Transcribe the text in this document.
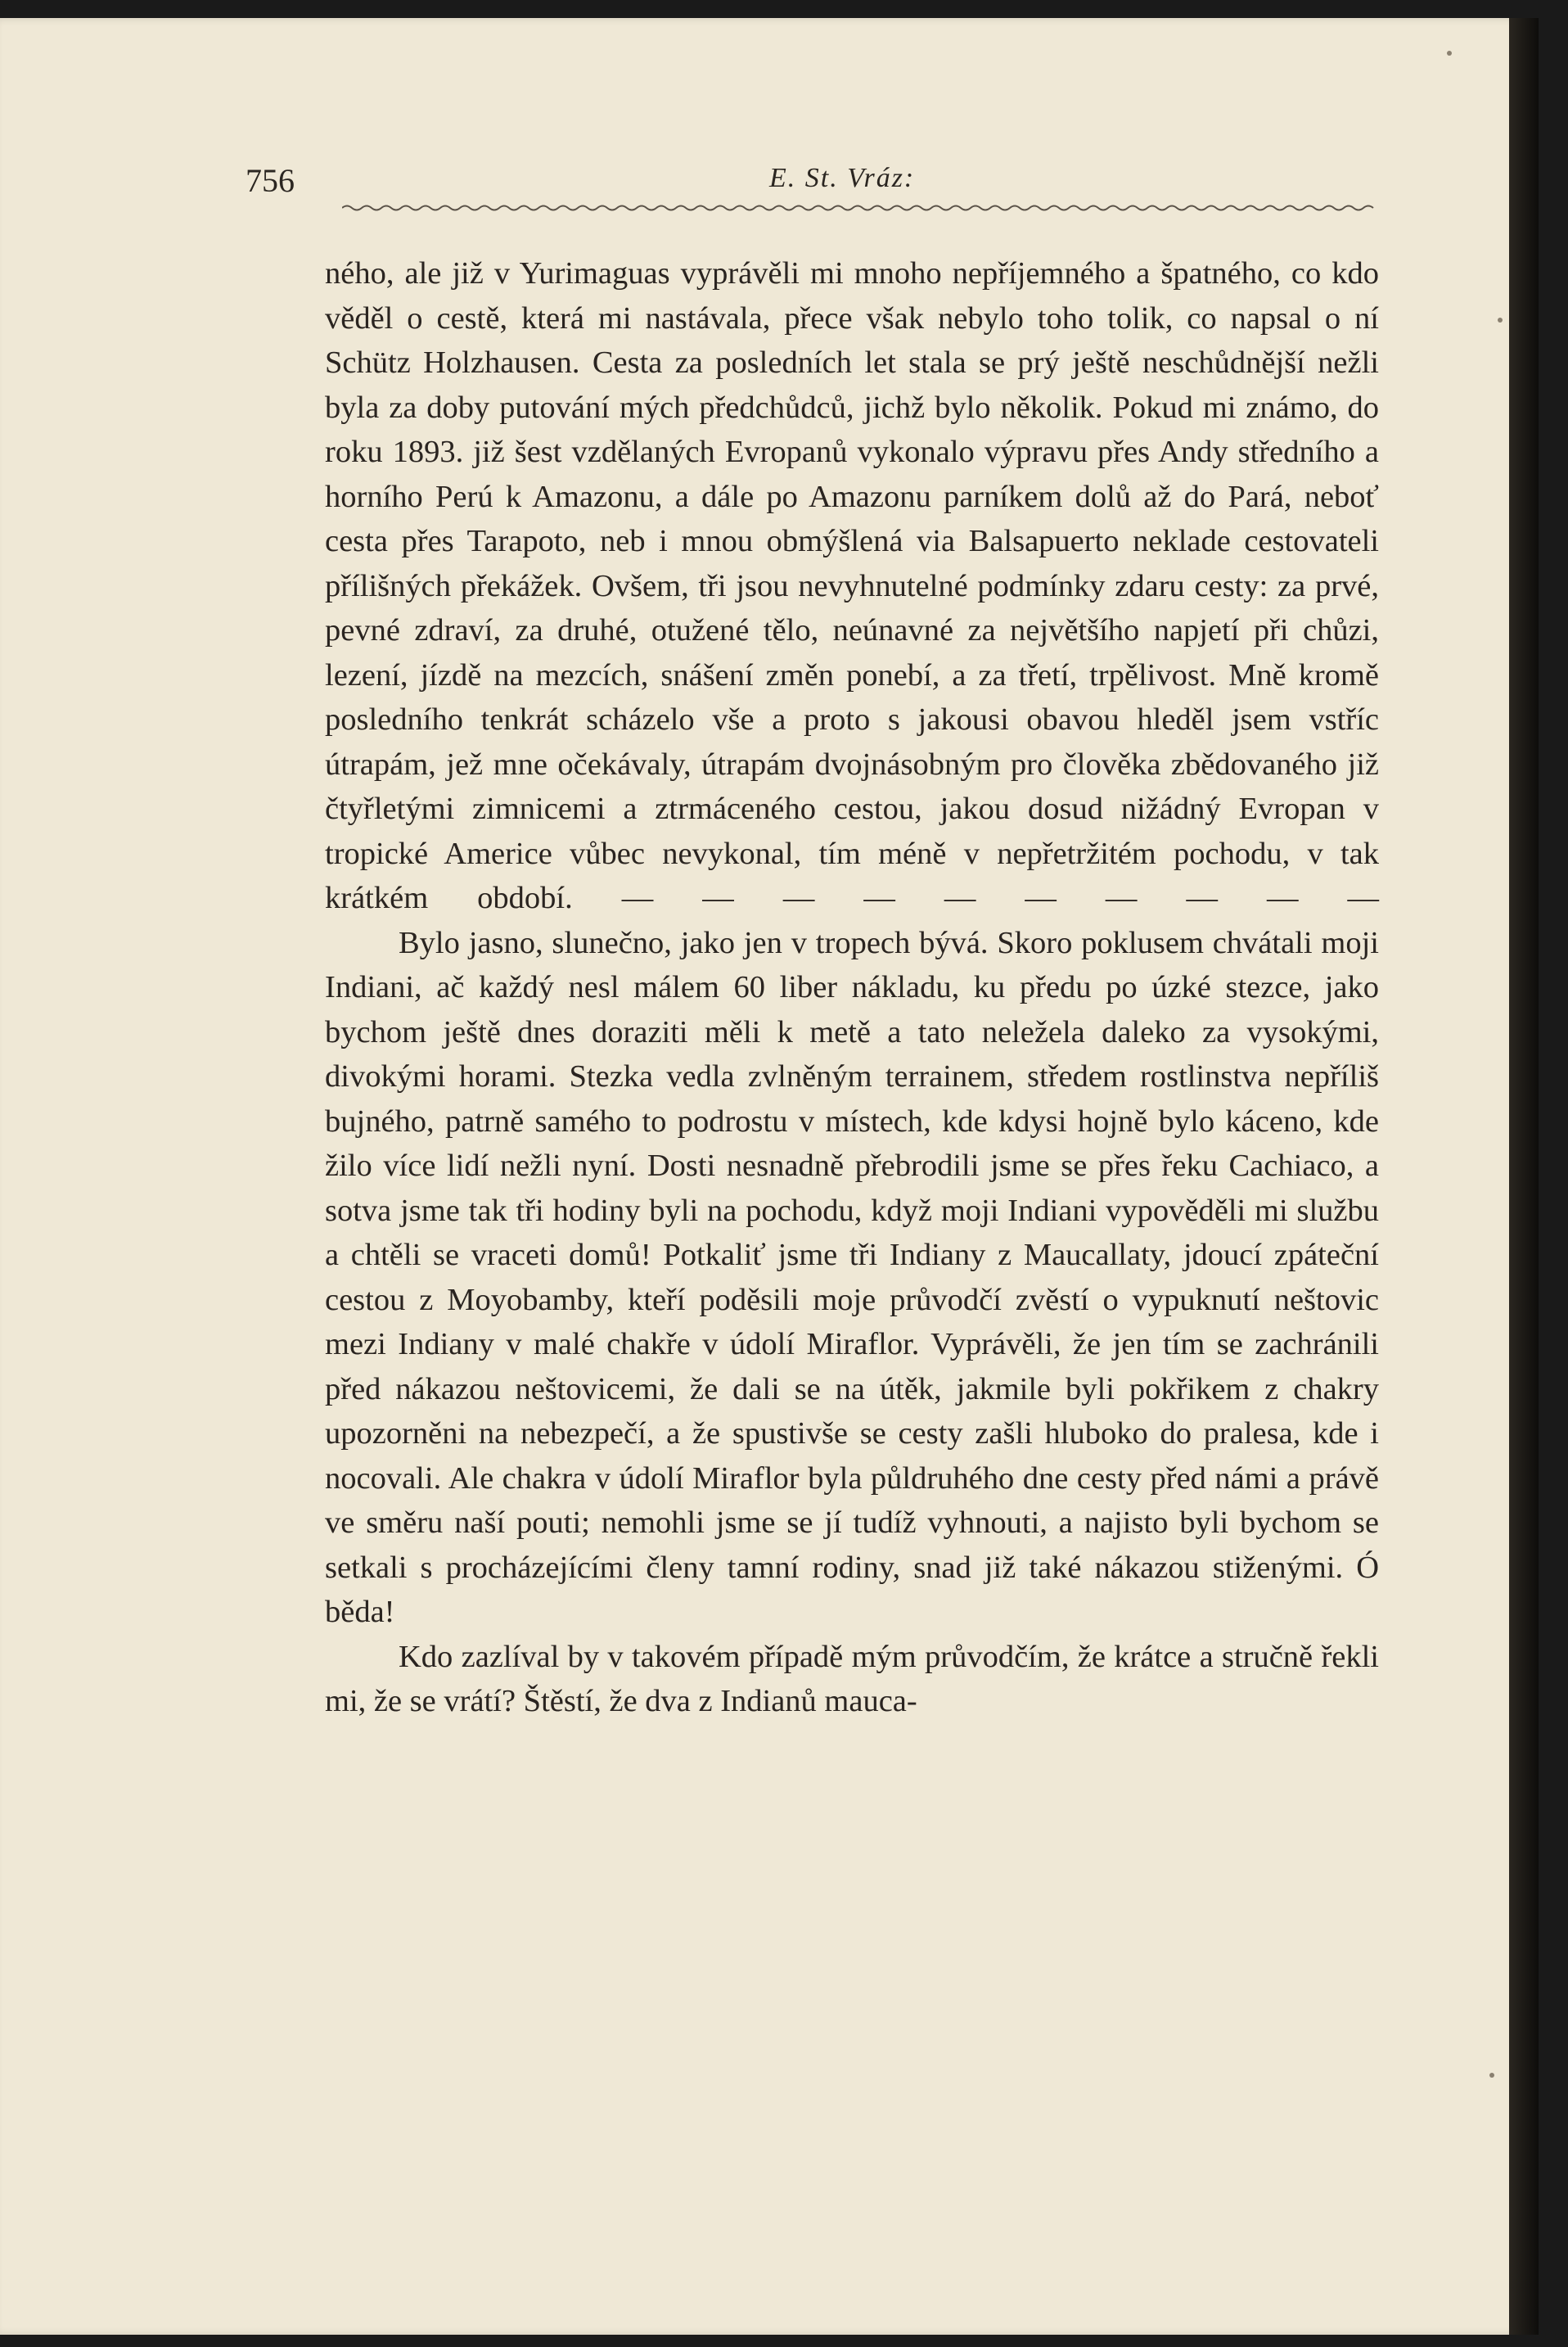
756	E. St. Vráz:

ného, ale již v Yurimaguas vyprávěli mi mnoho nepříjemného a špatného, co kdo věděl o cestě, která mi nastávala, přece však nebylo toho tolik, co napsal o ní Schütz Holzhausen. Cesta za posledních let stala se prý ještě neschůdnější nežli byla za doby putování mých předchůdců, jichž bylo několik. Pokud mi známo, do roku 1893. již šest vzdělaných Evropanů vykonalo výpravu přes Andy středního a horního Perú k Amazonu, a dále po Amazonu parníkem dolů až do Pará, neboť cesta přes Tarapoto, neb i mnou obmýšlená via Balsapuerto neklade cestovateli přílišných překážek. Ovšem, tři jsou nevyhnutelné podmínky zdaru cesty: za prvé, pevné zdraví, za druhé, otužené tělo, neúnavné za největšího napjetí při chůzi, lezení, jízdě na mezcích, snášení změn ponebí, a za třetí, trpělivost. Mně kromě posledního tenkrát scházelo vše a proto s jakousi obavou hleděl jsem vstříc útrapám, jež mne očekávaly, útrapám dvojnásobným pro člověka zbědovaného již čtyřletými zimnicemi a ztrmáceného cestou, jakou dosud nižádný Evropan v tropické Americe vůbec nevykonal, tím méně v nepřetržitém pochodu, v tak krátkém období. — — — — — — — — — —

Bylo jasno, slunečno, jako jen v tropech bývá. Skoro poklusem chvátali moji Indiani, ač každý nesl málem 60 liber nákladu, ku předu po úzké stezce, jako bychom ještě dnes doraziti měli k metě a tato neležela daleko za vysokými, divokými horami. Stezka vedla zvlněným terrainem, středem rostlinstva nepříliš bujného, patrně samého to podrostu v místech, kde kdysi hojně bylo káceno, kde žilo více lidí nežli nyní. Dosti nesnadně přebrodili jsme se přes řeku Cachiaco, a sotva jsme tak tři hodiny byli na pochodu, když moji Indiani vypověděli mi službu a chtěli se vraceti domů! Potkaliť jsme tři Indiany z Maucallaty, jdoucí zpáteční cestou z Moyobamby, kteří poděsili moje průvodčí zvěstí o vypuknutí neštovic mezi Indiany v malé chakře v údolí Miraflor. Vyprávěli, že jen tím se zachránili před nákazou neštovicemi, že dali se na útěk, jakmile byli pokřikem z chakry upozorněni na nebezpečí, a že spustivše se cesty zašli hluboko do pralesa, kde i nocovali. Ale chakra v údolí Miraflor byla půldruhého dne cesty před námi a právě ve směru naší pouti; nemohli jsme se jí tudíž vyhnouti, a najisto byli bychom se setkali s procházejícími členy tamní rodiny, snad již také nákazou stiženými. Ó běda!

Kdo zazlíval by v takovém případě mým průvodčím, že krátce a stručně řekli mi, že se vrátí? Štěstí, že dva z Indianů mauca-
